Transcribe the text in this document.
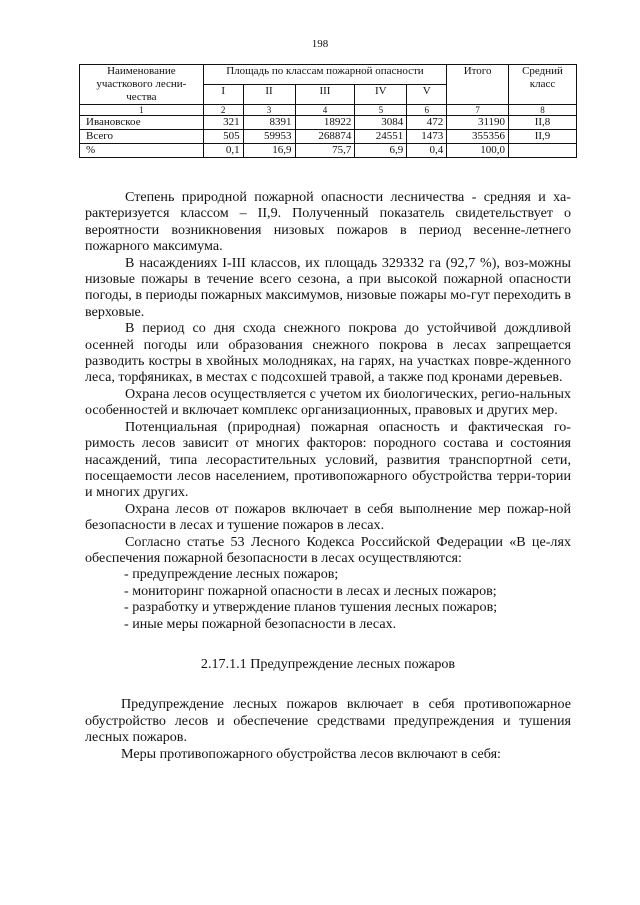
198
Наименование участкового лесни-чества	Площадь по классам пожарной опасности					Итого	Средний класс
	I	II	III	IV	V		
1	2	3	4	5	6	7	8
Ивановское	321	8391	18922	3084	472	31190	II,8
Всего	505	59953	268874	24551	1473	355356	II,9
%	0,1	16,9	75,7	6,9	0,4	100,0	

Степень природной пожарной опасности лесничества - средняя и ха-рактеризуется классом – II,9. Полученный показатель свидетельствует о вероятности возникновения низовых пожаров в период весенне-летнего пожарного максимума.

В насаждениях I-III классов, их площадь 329332 га (92,7 %), воз-можны низовые пожары в течение всего сезона, а при высокой пожарной опасности погоды, в периоды пожарных максимумов, низовые пожары мо-гут переходить в верховые.

В период со дня схода снежного покрова до устойчивой дождливой осенней погоды или образования снежного покрова в лесах запрещается разводить костры в хвойных молодняках, на гарях, на участках повре-жденного леса, торфяниках, в местах с подсохшей травой, а также под кронами деревьев.

Охрана лесов осуществляется с учетом их биологических, регио-нальных особенностей и включает комплекс организационных, правовых и других мер.

Потенциальная (природная) пожарная опасность и фактическая го-римость лесов зависит от многих факторов: породного состава и состояния насаждений, типа лесорастительных условий, развития транспортной сети, посещаемости лесов населением, противопожарного обустройства терри-тории и многих других.

Охрана лесов от пожаров включает в себя выполнение мер пожар-ной безопасности в лесах и тушение пожаров в лесах.

Согласно статье 53 Лесного Кодекса Российской Федерации «В це-лях обеспечения пожарной безопасности в лесах осуществляются:

- предупреждение лесных пожаров;
- мониторинг пожарной опасности в лесах и лесных пожаров;
- разработку и утверждение планов тушения лесных пожаров;
- иные меры пожарной безопасности в лесах.
2.17.1.1 Предупреждение лесных пожаров

Предупреждение лесных пожаров включает в себя противопожарное обустройство лесов и обеспечение средствами предупреждения и тушения лесных пожаров.

Меры противопожарного обустройства лесов включают в себя:
